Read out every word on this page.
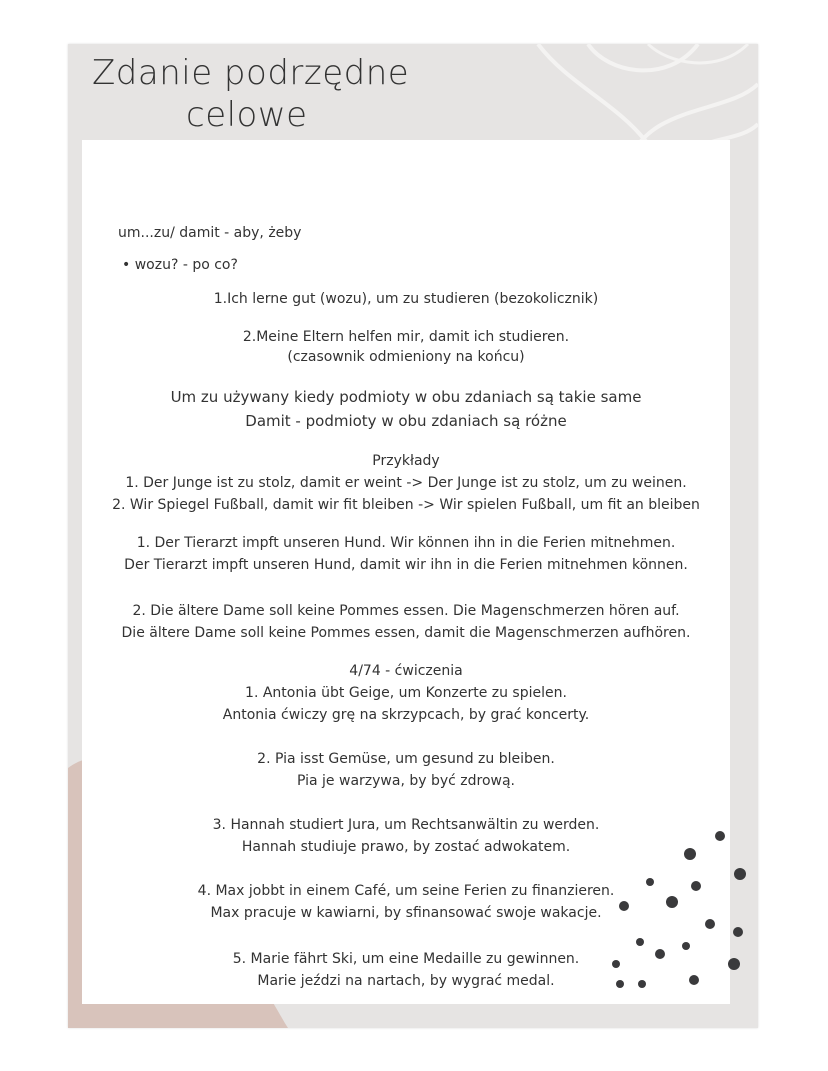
um...zu/ damit - aby, żeby
• wozu? - po co?
1.Ich lerne gut (wozu), um zu studieren (bezokolicznik)
2.Meine Eltern helfen mir, damit ich studieren.
(czasownik odmieniony na końcu)
Um zu używany kiedy podmioty w obu zdaniach są takie same
Damit - podmioty w obu zdaniach są różne
Przykłady
1. Der Junge ist zu stolz, damit er weint -> Der Junge ist zu stolz, um zu weinen.
2. Wir Spiegel Fußball, damit wir fit bleiben -> Wir spielen Fußball, um fit an bleiben
1. Der Tierarzt impft unseren Hund. Wir können ihn in die Ferien mitnehmen.
Der Tierarzt impft unseren Hund, damit wir ihn in die Ferien mitnehmen können.
2. Die ältere Dame soll keine Pommes essen. Die Magenschmerzen hören auf.
Die ältere Dame soll keine Pommes essen, damit die Magenschmerzen aufhören.
4/74 - ćwiczenia
1. Antonia übt Geige, um Konzerte zu spielen.
Antonia ćwiczy grę na skrzypcach, by grać koncerty.
2. Pia isst Gemüse, um gesund zu bleiben.
Pia je warzywa, by być zdrową.
3. Hannah studiert Jura, um Rechtsanwältin zu werden.
Hannah studiuje prawo, by zostać adwokatem.
4. Max jobbt in einem Café, um seine Ferien zu finanzieren.
Max pracuje w kawiarni, by sfinansować swoje wakacje.
5. Marie fährt Ski, um eine Medaille zu gewinnen.
Marie jeździ na nartach, by wygrać medal.
Zdanie podrzędne
celowe
